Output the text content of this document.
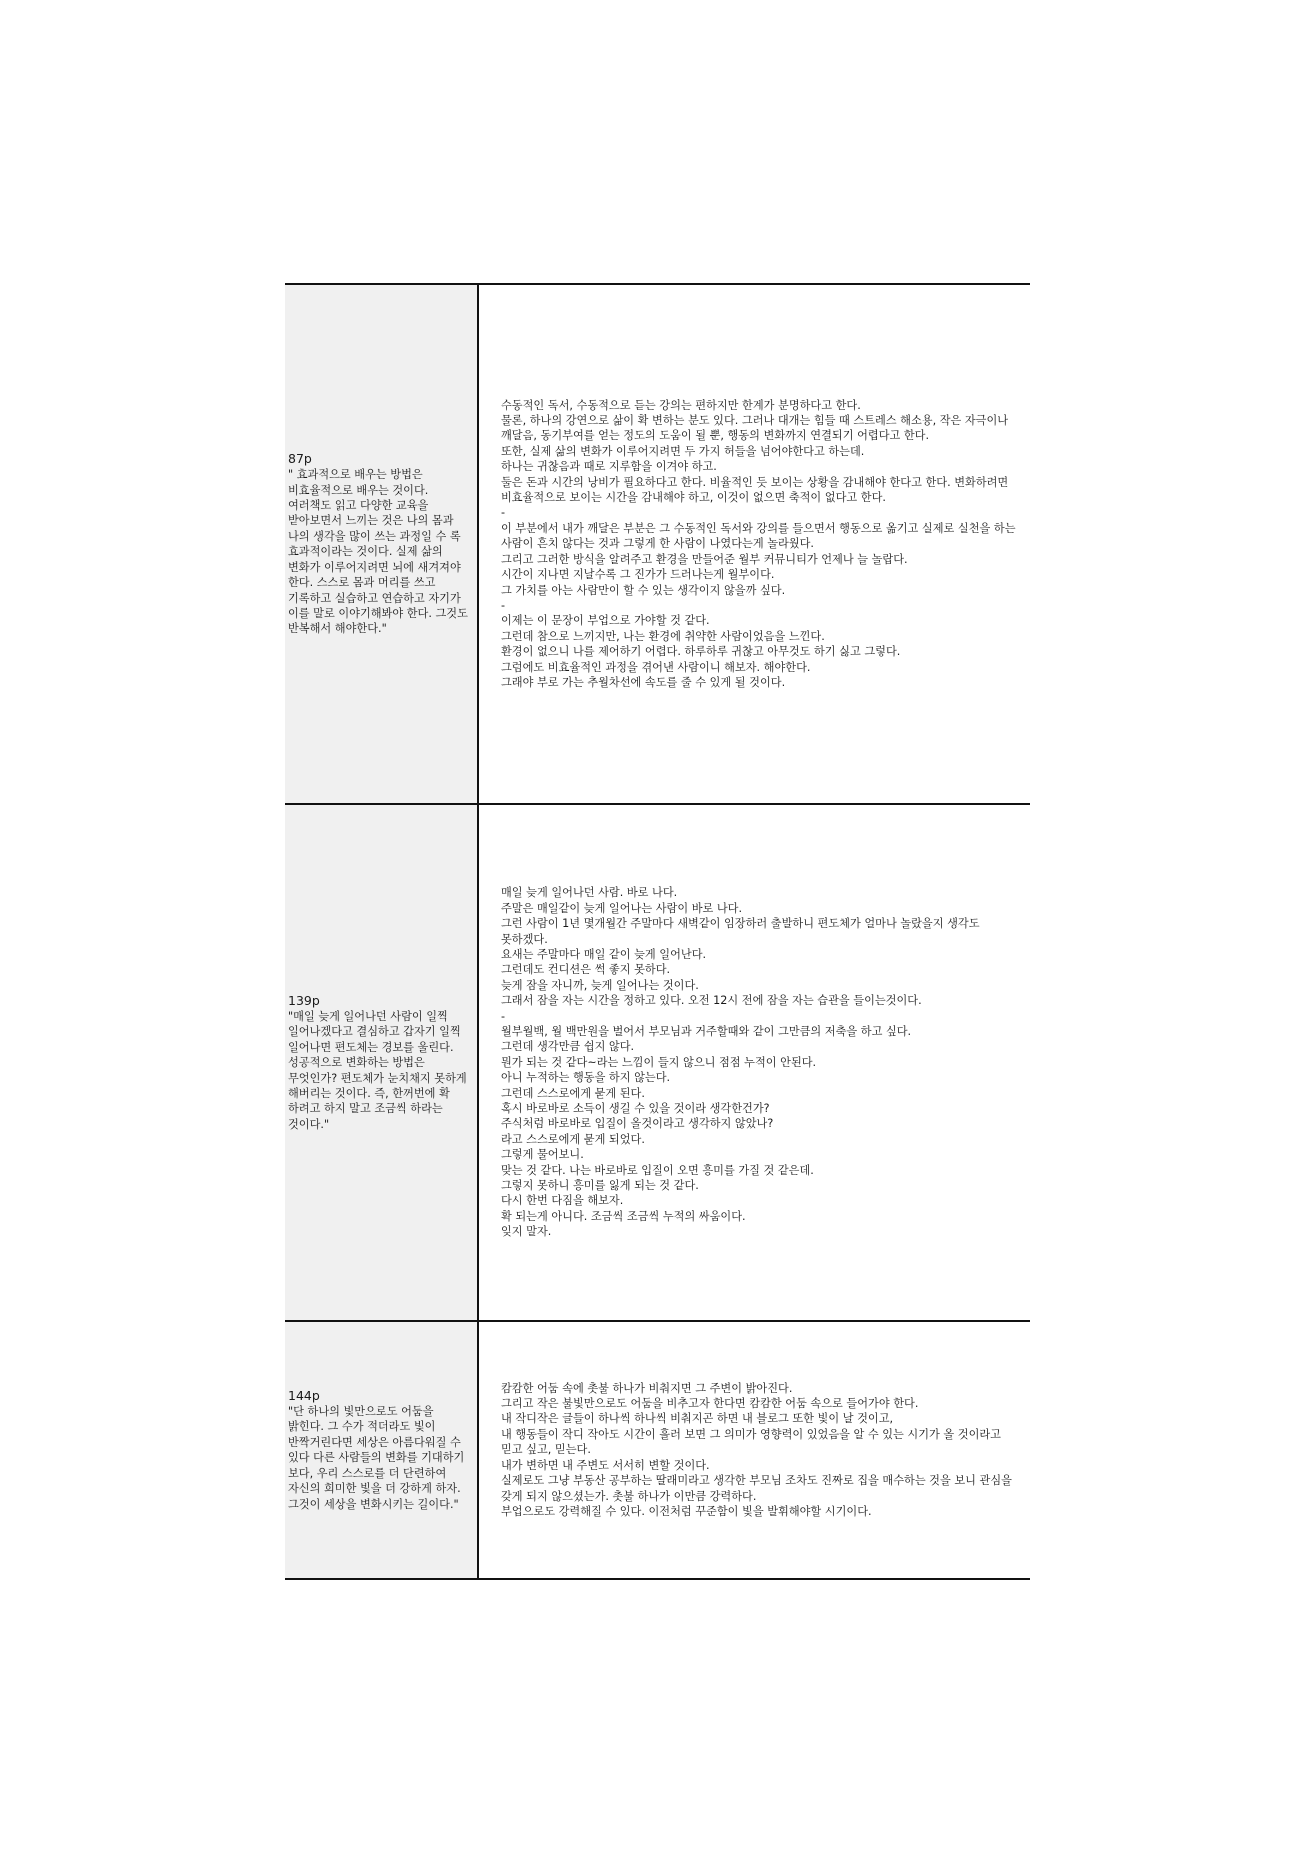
87p

" 효과적으로 배우는 방법은 비효율적으로 배우는 것이다. 여러책도 읽고 다양한 교육을 받아보면서 느끼는 것은 나의 몸과 나의 생각을 많이 쓰는 과정일 수 록 효과적이라는 것이다. 실제 삶의 변화가 이루어지려면 뇌에 새겨져야 한다. 스스로 몸과 머리를 쓰고 기록하고 실습하고 연습하고 자기가 이를 말로 이야기해봐야 한다. 그것도 반복해서 해야한다."

수동적인 독서, 수동적으로 듣는 강의는 편하지만 한계가 분명하다고 한다.
물론, 하나의 강연으로 삶이 확 변하는 분도 있다. 그러나 대개는 힘들 때 스트레스 해소용, 작은 자극이나 깨달음, 동기부여를 얻는 정도의 도움이 될 뿐, 행동의 변화까지 연결되기 어렵다고 한다.
또한, 실제 삶의 변화가 이루어지려면 두 가지 허들을 넘어야한다고 하는데.
하나는 귀찮음과 때로 지루함을 이겨야 하고.
둘은 돈과 시간의 낭비가 필요하다고 한다. 비율적인 듯 보이는 상황을 감내해야 한다고 한다. 변화하려면 비효율적으로 보이는 시간을 감내해야 하고, 이것이 없으면 축적이 없다고 한다.
-
이 부분에서 내가 깨달은 부분은 그 수동적인 독서와 강의를 들으면서 행동으로 옮기고 실제로 실천을 하는 사람이 흔치 않다는 것과 그렇게 한 사람이 나였다는게 놀라웠다.
그리고 그러한 방식을 알려주고 환경을 만들어준 월부 커뮤니티가 언제나 늘 놀랍다.
시간이 지나면 지날수록 그 진가가 드러나는게 월부이다.
그 가치를 아는 사람만이 할 수 있는 생각이지 않을까 싶다.
-
이제는 이 문장이 부업으로 가야할 것 같다.
그런데 참으로 느끼지만, 나는 환경에 취약한 사람이었음을 느낀다.
환경이 없으니 나를 제어하기 어렵다. 하루하루 귀찮고 아무것도 하기 싫고 그렇다.
그럼에도 비효율적인 과정을 겪어낸 사람이니 해보자. 해야한다.
그래야 부로 가는 추월차선에 속도를 줄 수 있게 될 것이다.

139p

"매일 늦게 일어나던 사람이 일찍 일어나겠다고 결심하고 갑자기 일찍 일어나면 편도체는 경보를 울린다. 성공적으로 변화하는 방법은 무엇인가? 편도체가 눈치채지 못하게 해버리는 것이다. 즉, 한꺼번에 확 하려고 하지 말고 조금씩 하라는 것이다."

매일 늦게 일어나던 사람. 바로 나다.
주말은 매일같이 늦게 일어나는 사람이 바로 나다.
그런 사람이 1년 몇개월간 주말마다 새벽같이 임장하러 출발하니 편도체가 얼마나 놀랐을지 생각도 못하겠다.
요새는 주말마다 매일 같이 늦게 일어난다.
그런데도 컨디션은 썩 좋지 못하다.
늦게 잠을 자니까, 늦게 일어나는 것이다.
그래서 잠을 자는 시간을 정하고 있다. 오전 12시 전에 잠을 자는 습관을 들이는것이다.
-
월부월백, 월 백만원을 벌어서 부모님과 거주할때와 같이 그만큼의 저축을 하고 싶다.
그런데 생각만큼 쉽지 않다.
뭔가 되는 것 같다~라는 느낌이 들지 않으니 점점 누적이 안된다.
아니 누적하는 행동을 하지 않는다.
그런데 스스로에게 묻게 된다.
혹시 바로바로 소득이 생길 수 있을 것이라 생각한건가?
주식처럼 바로바로 입질이 올것이라고 생각하지 않았나?
라고 스스로에게 묻게 되었다.
그렇게 물어보니.
맞는 것 같다. 나는 바로바로 입질이 오면 흥미를 가질 것 같은데.
그렇지 못하니 흥미를 잃게 되는 것 같다.
다시 한번 다짐을 해보자.
확 되는게 아니다. 조금씩 조금씩 누적의 싸움이다.
잊지 말자.

144p

"단 하나의 빛만으로도 어둠을 밝힌다. 그 수가 적더라도 빛이 반짝거린다면 세상은 아름다워질 수 있다 다른 사람들의 변화를 기대하기 보다, 우리 스스로를 더 단련하여 자신의 희미한 빛을 더 강하게 하자. 그것이 세상을 변화시키는 길이다."

캄캄한 어둠 속에 촛불 하나가 비춰지면 그 주변이 밝아진다.
그리고 작은 불빛만으로도 어둠을 비추고자 한다면 캄캄한 어둠 속으로 들어가야 한다.
내 작디작은 글들이 하나씩 하나씩 비춰지곤 하면 내 블로그 또한 빛이 날 것이고,
내 행동들이 작디 작아도 시간이 흘러 보면 그 의미가 영향력이 있었음을 알 수 있는 시기가 올 것이라고 믿고 싶고, 믿는다.
내가 변하면 내 주변도 서서히 변할 것이다.
실제로도 그냥 부동산 공부하는 딸래미라고 생각한 부모님 조차도 진짜로 집을 매수하는 것을 보니 관심을 갖게 되지 않으셨는가. 촛불 하나가 이만큼 강력하다.
부업으로도 강력해질 수 있다. 이전처럼 꾸준함이 빛을 발휘해야할 시기이다.
